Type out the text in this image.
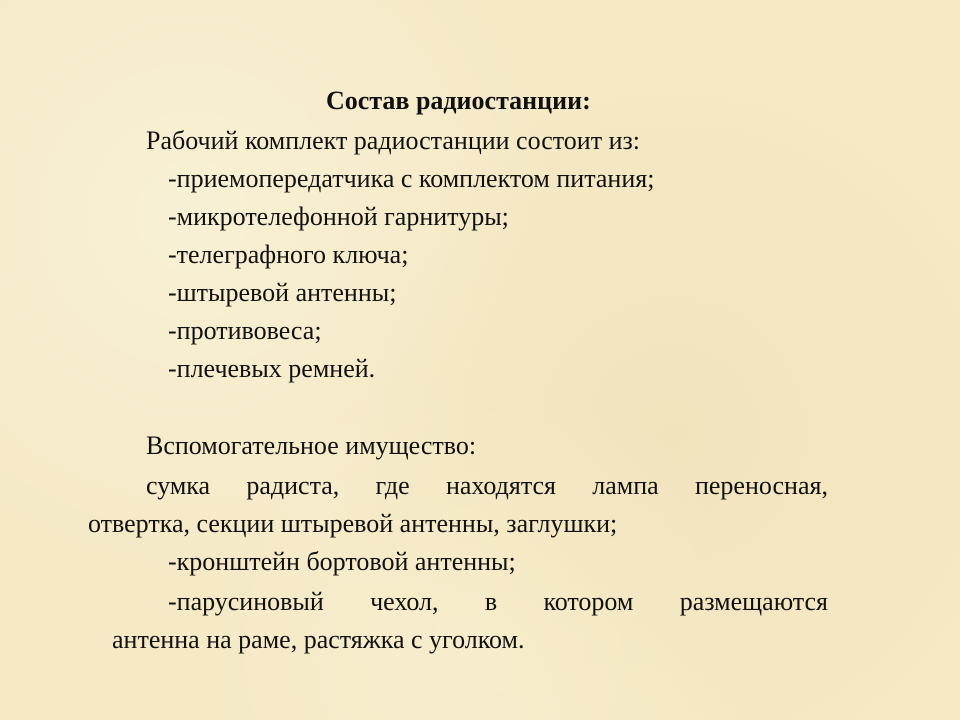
Состав радиостанции:
Рабочий комплект радиостанции состоит из:
-приемопередатчика с комплектом питания;
-микротелефонной гарнитуры;
-телеграфного ключа;
-штыревой антенны;
-противовеса;
-плечевых ремней.
Вспомогательное имущество:
сумка радиста, где находятся лампа переносная,
отвертка, секции штыревой антенны, заглушки;
-кронштейн бортовой антенны;
-парусиновый чехол, в котором размещаются
антенна на раме, растяжка с уголком.
